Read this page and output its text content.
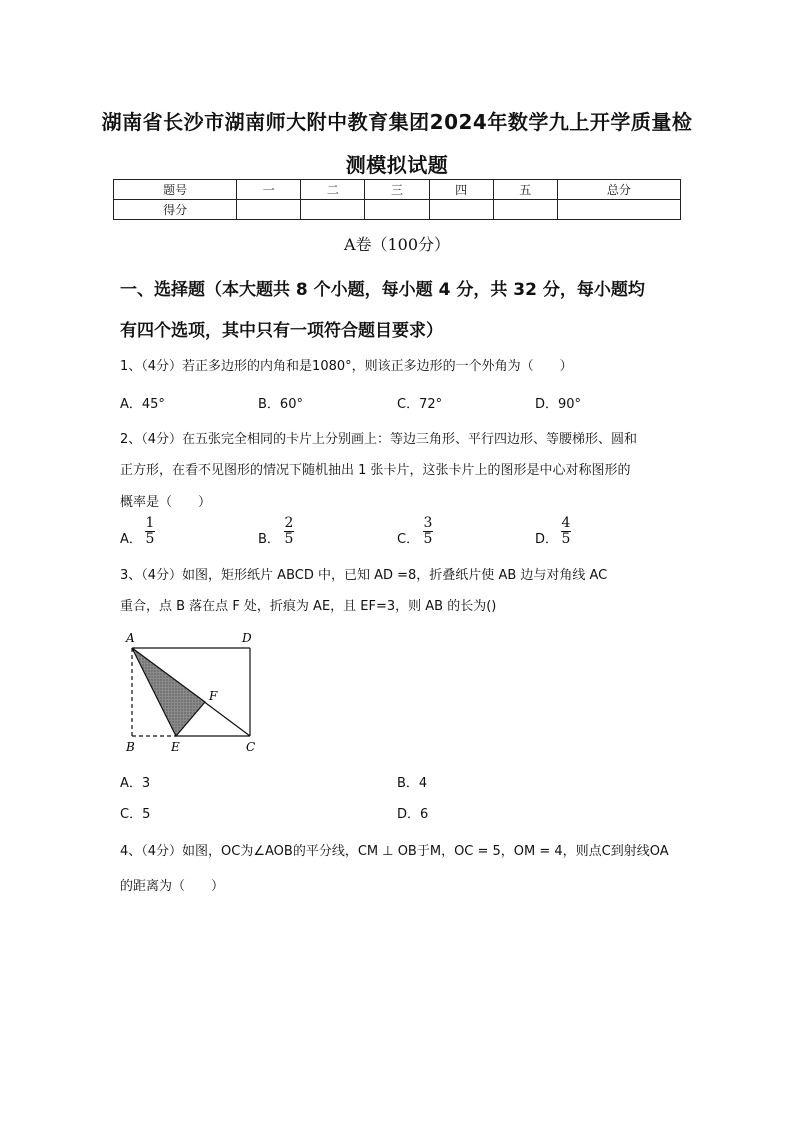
湖南省长沙市湖南师大附中教育集团2024年数学九上开学质量检
测模拟试题
题号	一	二	三	四	五	总分
得分						
A卷（100分）
一、选择题（本大题共 8 个小题，每小题 4 分，共 32 分，每小题均
有四个选项，其中只有一项符合题目要求）
1、（4分）若正多边形的内角和是1080°，则该正多边形的一个外角为（　　）
A．45°	B．60°	C．72°	D．90°
2、（4分）在五张完全相同的卡片上分别画上：等边三角形、平行四边形、等腰梯形、圆和
正方形，在看不见图形的情况下随机抽出 1 张卡片，这张卡片上的图形是中心对称图形的
概率是（　　）
A．
1
5	B．
2
5	C．
3
5	D．
4
5
3、（4分）如图，矩形纸片 ABCD 中，已知 AD =8，折叠纸片使 AB 边与对角线 AC
重合，点 B 落在点 F 处，折痕为 AE，且 EF=3，则 AB 的长为()
A	D
F
B	E	C
A．3	B．4
C．5	D．6
4、（4分）如图，OC为∠AOB的平分线，CM ⊥ OB于M，OC = 5，OM = 4，则点C到射线OA
的距离为（　　）
